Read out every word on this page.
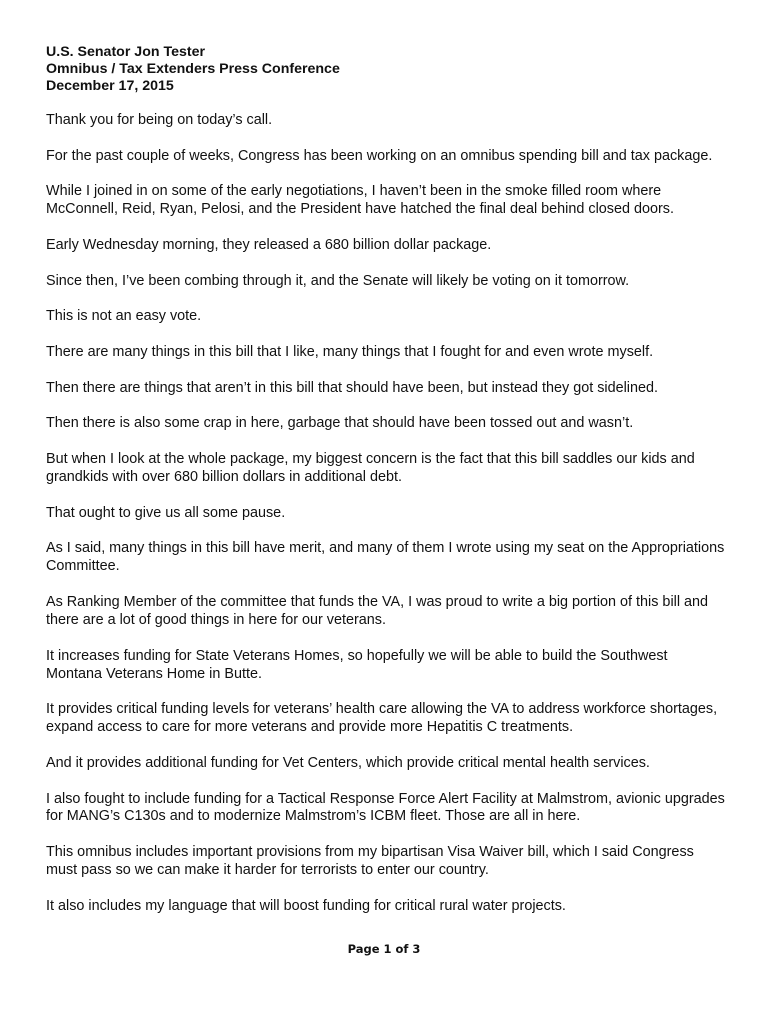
U.S. Senator Jon Tester

Omnibus / Tax Extenders Press Conference

December 17, 2015

Thank you for being on today’s call.

For the past couple of weeks, Congress has been working on an omnibus spending bill and tax package.

While I joined in on some of the early negotiations, I haven’t been in the smoke filled room where McConnell, Reid, Ryan, Pelosi, and the President have hatched the final deal behind closed doors.

Early Wednesday morning, they released a 680 billion dollar package.

Since then, I’ve been combing through it, and the Senate will likely be voting on it tomorrow.

This is not an easy vote.

There are many things in this bill that I like, many things that I fought for and even wrote myself.

Then there are things that aren’t in this bill that should have been, but instead they got sidelined.

Then there is also some crap in here, garbage that should have been tossed out and wasn’t.

But when I look at the whole package, my biggest concern is the fact that this bill saddles our kids and grandkids with over 680 billion dollars in additional debt.

That ought to give us all some pause.

As I said, many things in this bill have merit, and many of them I wrote using my seat on the Appropriations Committee.

As Ranking Member of the committee that funds the VA, I was proud to write a big portion of this bill and there are a lot of good things in here for our veterans.

It increases funding for State Veterans Homes, so hopefully we will be able to build the Southwest Montana Veterans Home in Butte.

It provides critical funding levels for veterans’ health care allowing the VA to address workforce shortages, expand access to care for more veterans and provide more Hepatitis C treatments.

And it provides additional funding for Vet Centers, which provide critical mental health services.

I also fought to include funding for a Tactical Response Force Alert Facility at Malmstrom, avionic upgrades for MANG’s C130s and to modernize Malmstrom’s ICBM fleet. Those are all in here.

This omnibus includes important provisions from my bipartisan Visa Waiver bill, which I said Congress must pass so we can make it harder for terrorists to enter our country.

It also includes my language that will boost funding for critical rural water projects.

Page 1 of 3
